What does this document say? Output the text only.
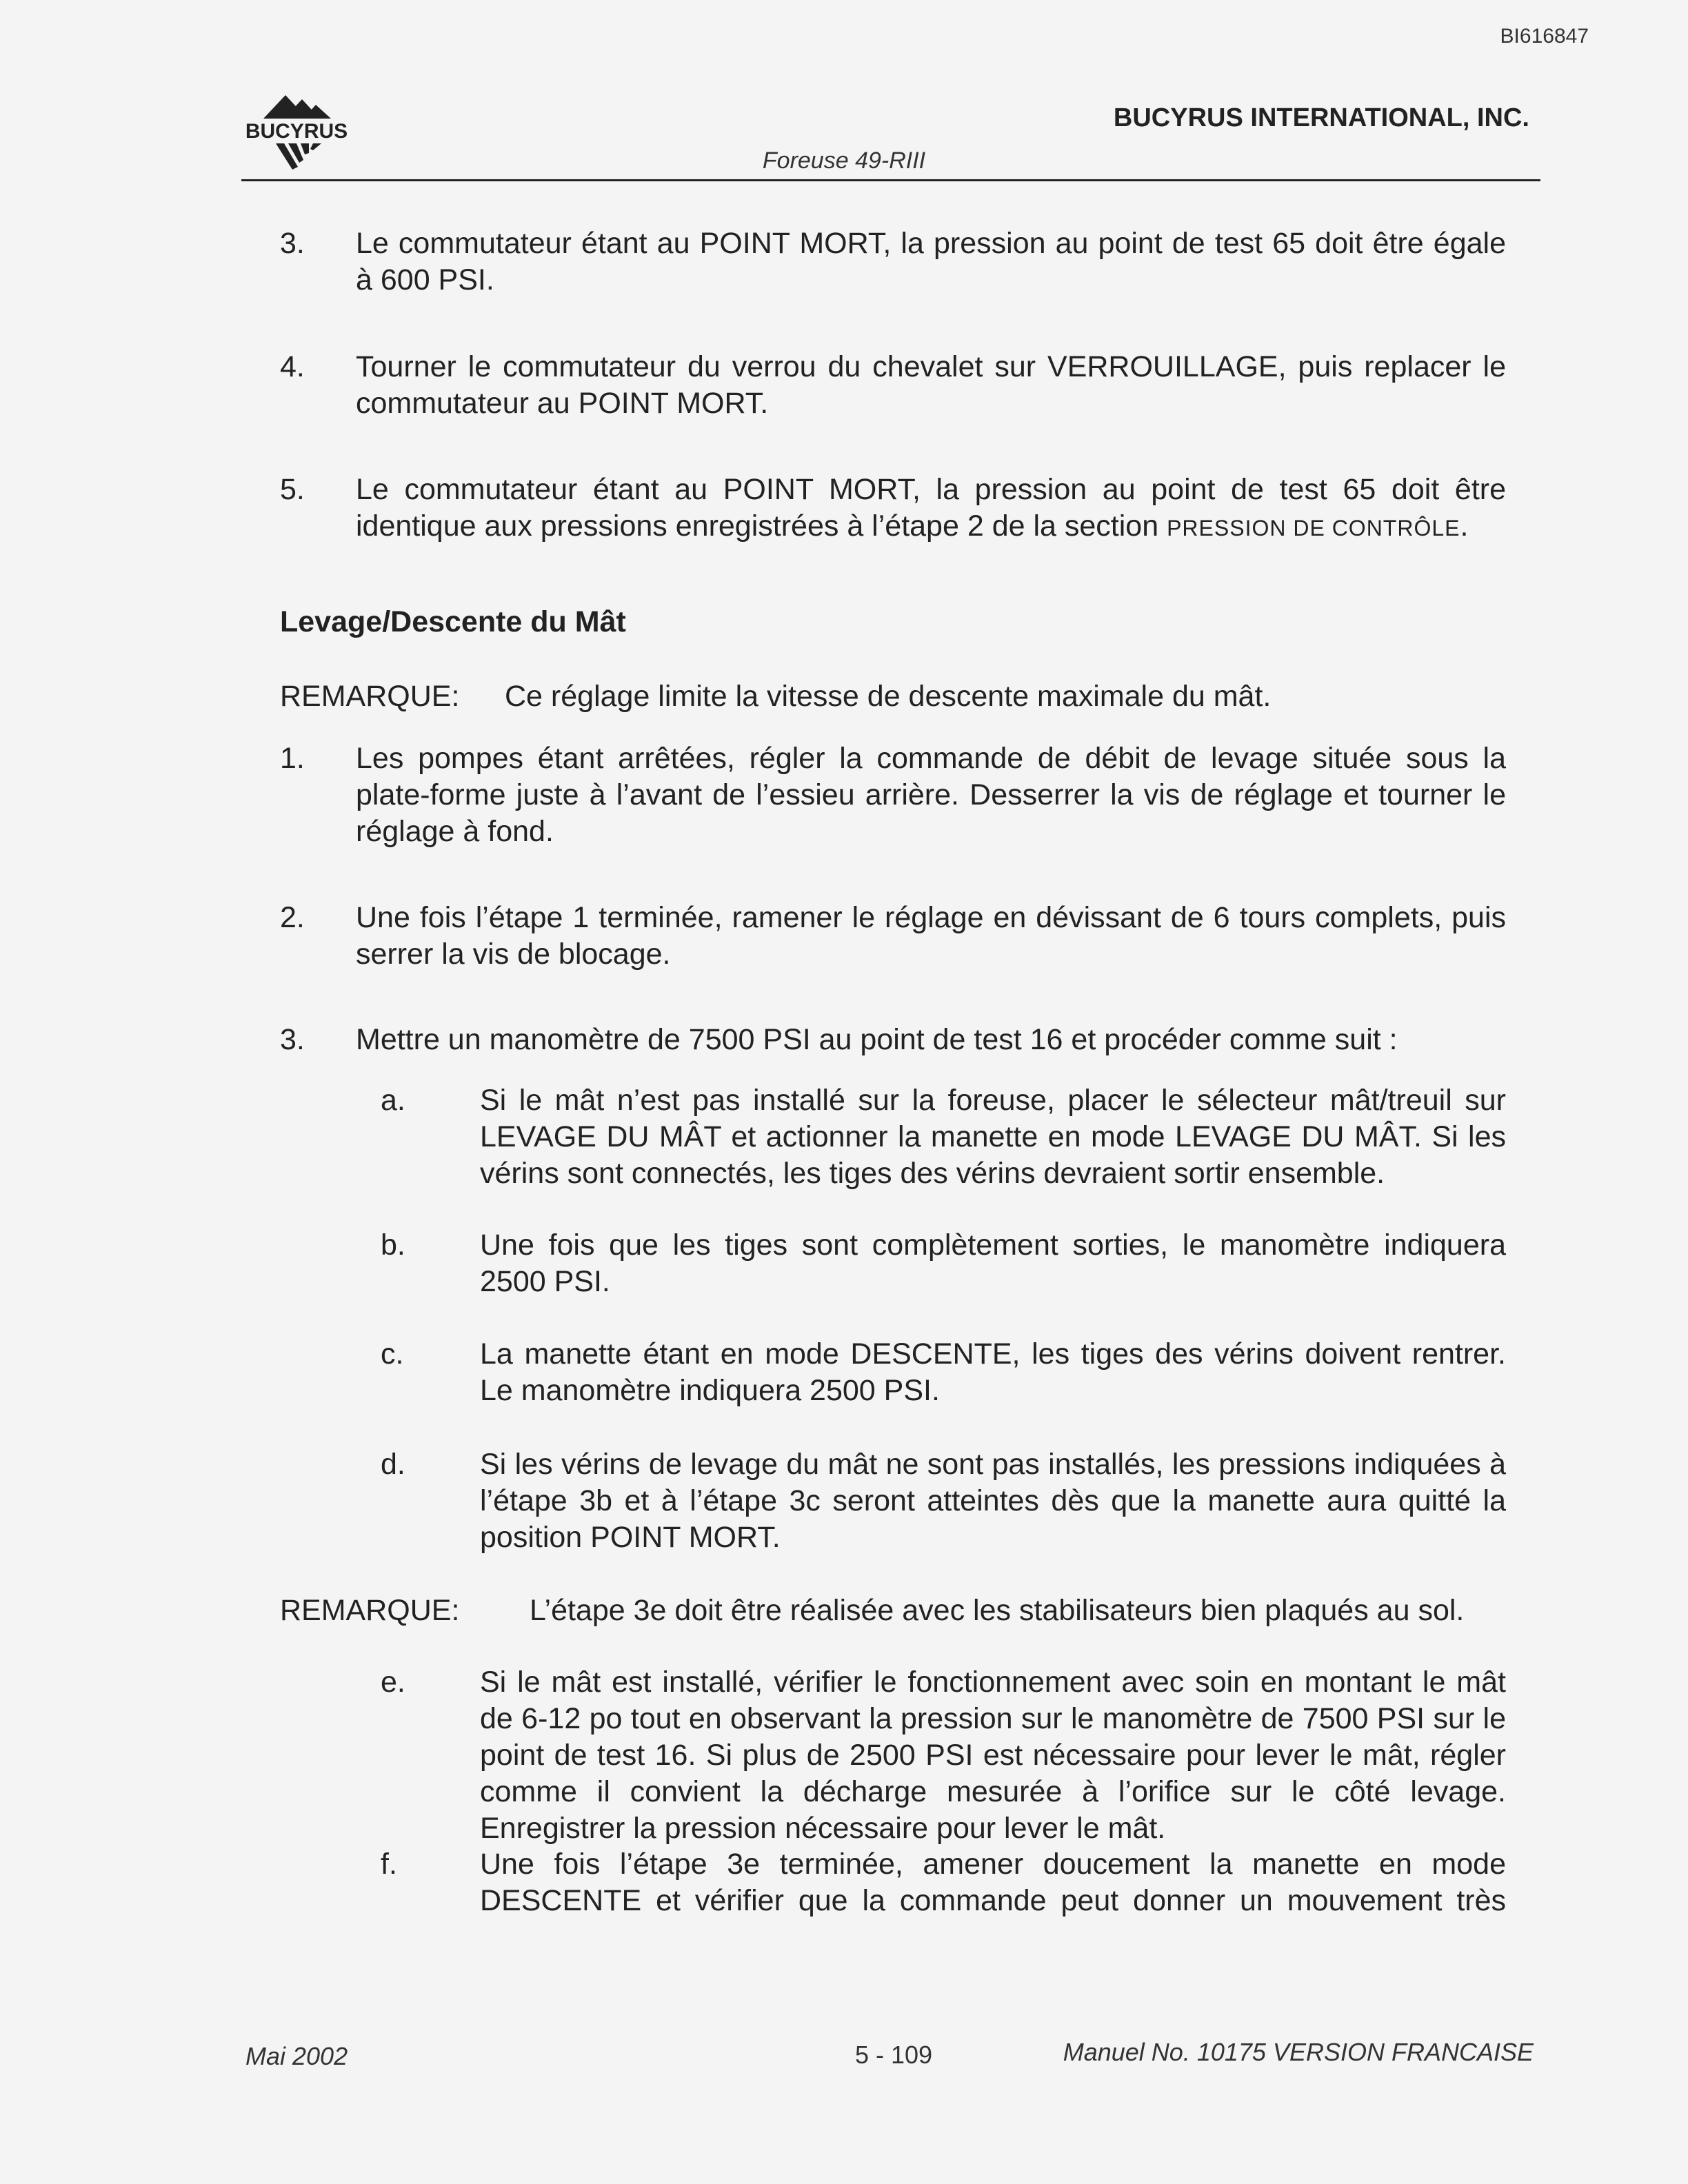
BI616847
BUCYRUS	BUCYRUS INTERNATIONAL, INC.
Foreuse 49-RIII
3. Le commutateur étant au POINT MORT, la pression au point de test 65 doit être égale à 600 PSI.
4. Tourner le commutateur du verrou du chevalet sur VERROUILLAGE, puis replacer le commutateur au POINT MORT.
5. Le commutateur étant au POINT MORT, la pression au point de test 65 doit être identique aux pressions enregistrées à l’étape 2 de la section PRESSION DE CONTRÔLE.
Levage/Descente du Mât
REMARQUE: Ce réglage limite la vitesse de descente maximale du mât.
1. Les pompes étant arrêtées, régler la commande de débit de levage située sous la plate-forme juste à l’avant de l’essieu arrière. Desserrer la vis de réglage et tourner le réglage à fond.
2. Une fois l’étape 1 terminée, ramener le réglage en dévissant de 6 tours complets, puis serrer la vis de blocage.
3. Mettre un manomètre de 7500 PSI au point de test 16 et procéder comme suit :
a.	Si le mât n’est pas installé sur la foreuse, placer le sélecteur mât/treuil sur LEVAGE DU MÂT et actionner la manette en mode LEVAGE DU MÂT. Si les vérins sont connectés, les tiges des vérins devraient sortir ensemble.
b.	Une fois que les tiges sont complètement sorties, le manomètre indiquera 2500 PSI.
c.	La manette étant en mode DESCENTE, les tiges des vérins doivent rentrer. Le manomètre indiquera 2500 PSI.
d.	Si les vérins de levage du mât ne sont pas installés, les pressions indiquées à l’étape 3b et à l’étape 3c seront atteintes dès que la manette aura quitté la position POINT MORT.
REMARQUE: L’étape 3e doit être réalisée avec les stabilisateurs bien plaqués au sol.
e.	Si le mât est installé, vérifier le fonctionnement avec soin en montant le mât de 6-12 po tout en observant la pression sur le manomètre de 7500 PSI sur le point de test 16. Si plus de 2500 PSI est nécessaire pour lever le mât, régler comme il convient la décharge mesurée à l’orifice sur le côté levage. Enregistrer la pression nécessaire pour lever le mât.
f.	Une fois l’étape 3e terminée, amener doucement la manette en mode DESCENTE et vérifier que la commande peut donner un mouvement très
Mai 2002	5 - 109	Manuel No. 10175 VERSION FRANCAISE
